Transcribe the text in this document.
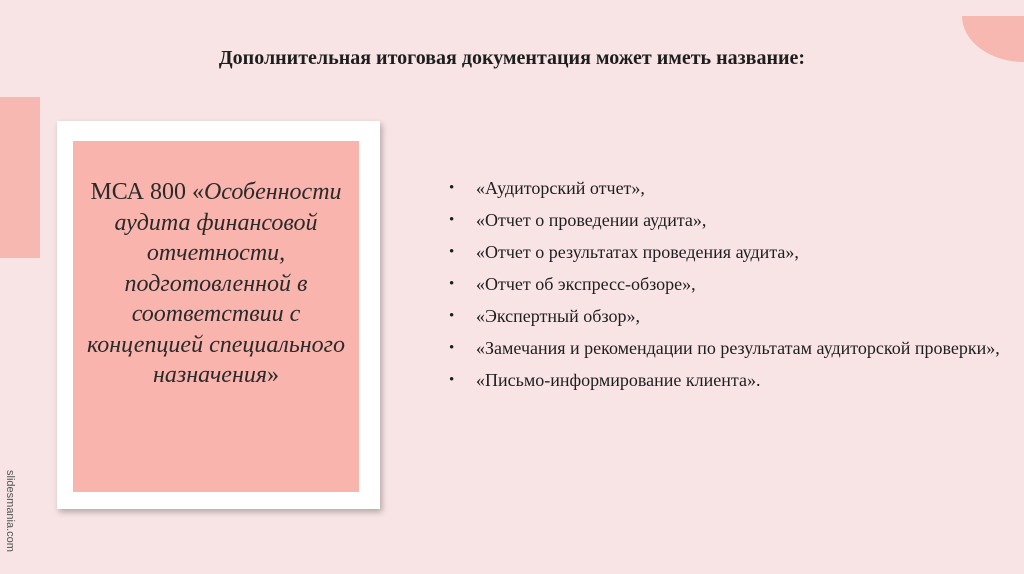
slidesmania.com
Дополнительная итоговая документация может иметь название:
МСА 800 «Особенности аудита финансовой отчетности, подготовленной в соответствии с концепцией специального назначения»
• «Аудиторский отчет»,
• «Отчет о проведении аудита»,
• «Отчет о результатах проведения аудита»,
• «Отчет об экспресс-обзоре»,
• «Экспертный обзор»,
• «Замечания и рекомендации по результатам аудиторской проверки»,
• «Письмо-информирование клиента».
